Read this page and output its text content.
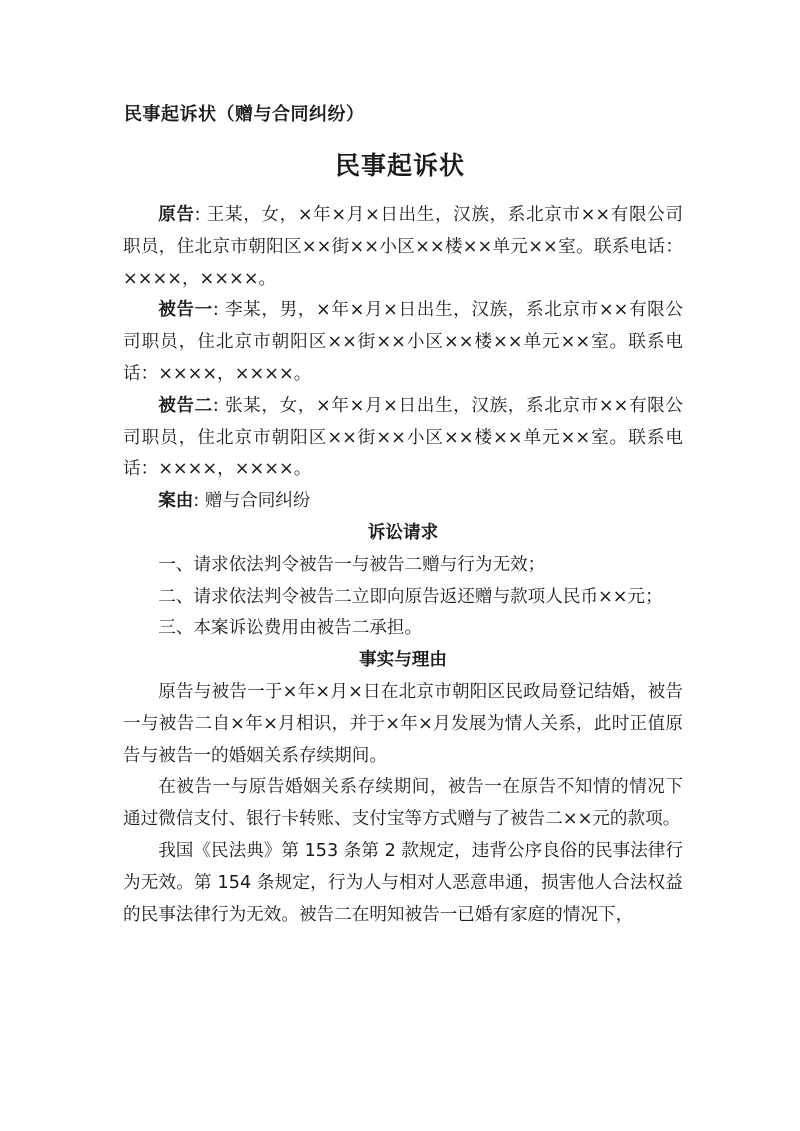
民事起诉状（赠与合同纠纷）
民事起诉状

原告: 王某，女，×年×月×日出生，汉族，系北京市××有限公司职员，住北京市朝阳区××街××小区××楼××单元××室。联系电话：××××，××××。

被告一: 李某，男，×年×月×日出生，汉族，系北京市××有限公司职员，住北京市朝阳区××街××小区××楼××单元××室。联系电话：××××，××××。

被告二: 张某，女，×年×月×日出生，汉族，系北京市××有限公司职员，住北京市朝阳区××街××小区××楼××单元××室。联系电话：××××，××××。

案由: 赠与合同纠纷

诉讼请求

一、请求依法判令被告一与被告二赠与行为无效；

二、请求依法判令被告二立即向原告返还赠与款项人民币××元；

三、本案诉讼费用由被告二承担。

事实与理由

原告与被告一于×年×月×日在北京市朝阳区民政局登记结婚，被告一与被告二自×年×月相识，并于×年×月发展为情人关系，此时正值原告与被告一的婚姻关系存续期间。

在被告一与原告婚姻关系存续期间，被告一在原告不知情的情况下通过微信支付、银行卡转账、支付宝等方式赠与了被告二××元的款项。

我国《民法典》第 153 条第 2 款规定，违背公序良俗的民事法律行为无效。第 154 条规定，行为人与相对人恶意串通，损害他人合法权益的民事法律行为无效。被告二在明知被告一已婚有家庭的情况下，
